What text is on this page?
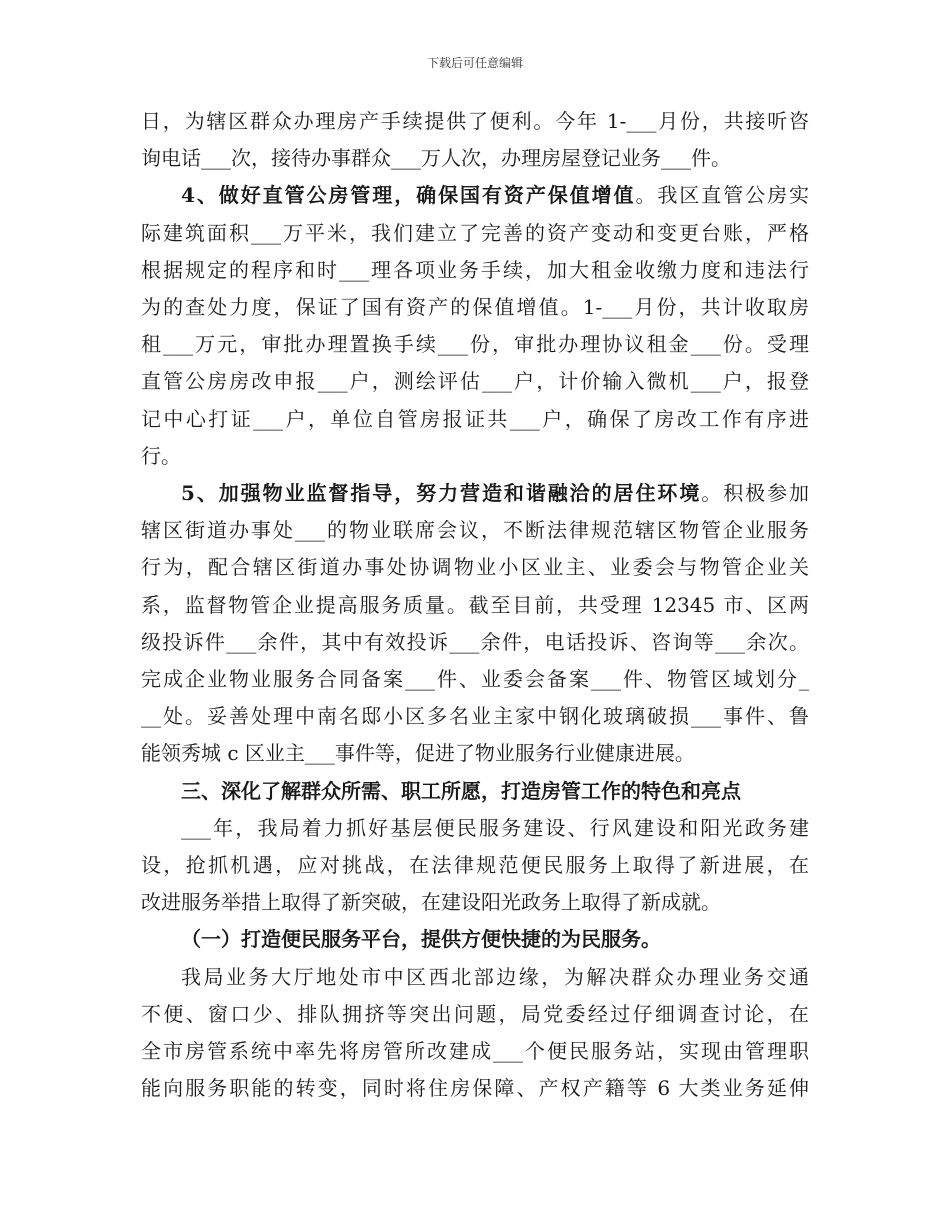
下载后可任意编辑
日，为辖区群众办理房产手续提供了便利。今年 1-___月份，共接听咨
询电话___次，接待办事群众___万人次，办理房屋登记业务___件。
4、做好直管公房管理，确保国有资产保值增值。我区直管公房实
际建筑面积___万平米，我们建立了完善的资产变动和变更台账，严格
根据规定的程序和时___理各项业务手续，加大租金收缴力度和违法行
为的查处力度，保证了国有资产的保值增值。1-___月份，共计收取房
租___万元，审批办理置换手续___份，审批办理协议租金___份。受理
直管公房房改申报___户，测绘评估___户，计价输入微机___户，报登
记中心打证___户，单位自管房报证共___户，确保了房改工作有序进
行。
5、加强物业监督指导，努力营造和谐融洽的居住环境。积极参加
辖区街道办事处___的物业联席会议，不断法律规范辖区物管企业服务
行为，配合辖区街道办事处协调物业小区业主、业委会与物管企业关
系，监督物管企业提高服务质量。截至目前，共受理 12345 市、区两
级投诉件___余件，其中有效投诉___余件，电话投诉、咨询等___余次。
完成企业物业服务合同备案___件、业委会备案___件、物管区域划分_
__处。妥善处理中南名邸小区多名业主家中钢化玻璃破损___事件、鲁
能领秀城 c 区业主___事件等，促进了物业服务行业健康进展。
三、深化了解群众所需、职工所愿，打造房管工作的特色和亮点
___年，我局着力抓好基层便民服务建设、行风建设和阳光政务建
设，抢抓机遇，应对挑战，在法律规范便民服务上取得了新进展，在
改进服务举措上取得了新突破，在建设阳光政务上取得了新成就。
（一）打造便民服务平台，提供方便快捷的为民服务。
我局业务大厅地处市中区西北部边缘，为解决群众办理业务交通
不便、窗口少、排队拥挤等突出问题，局党委经过仔细调查讨论，在
全市房管系统中率先将房管所改建成___个便民服务站，实现由管理职
能向服务职能的转变，同时将住房保障、产权产籍等 6 大类业务延伸
